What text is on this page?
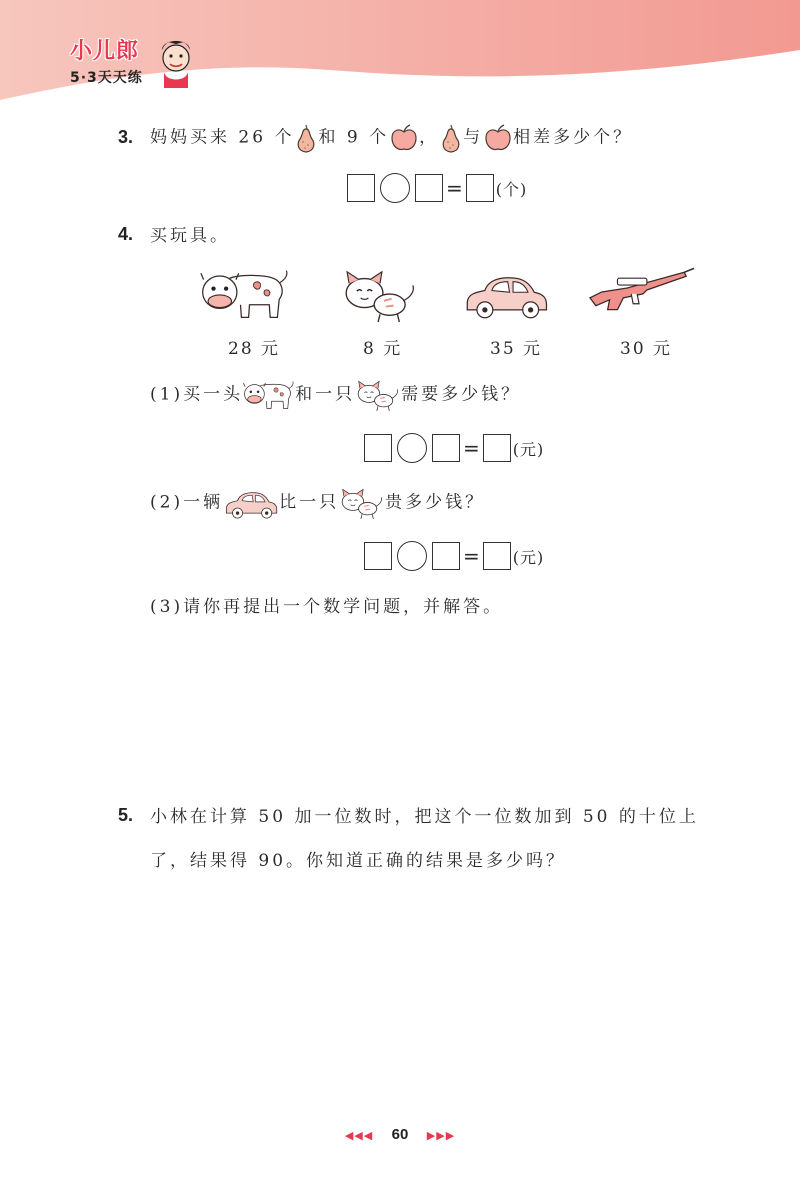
小儿郎
5·3天天练
3. 妈妈买来 26 个 和 9 个 ， 与 相差多少个？
= (个)
4. 买玩具。
28 元	8 元	35 元	30 元
(1)买一头	和一只	需要多少钱？
= (元)
(2)一辆	比一只	贵多少钱？
= (元)
(3)请你再提出一个数学问题，并解答。
5. 小林在计算 50 加一位数时，把这个一位数加到 50 的十位上
了，结果得 90。你知道正确的结果是多少吗？
◀◀◀ 60 ▶▶▶
